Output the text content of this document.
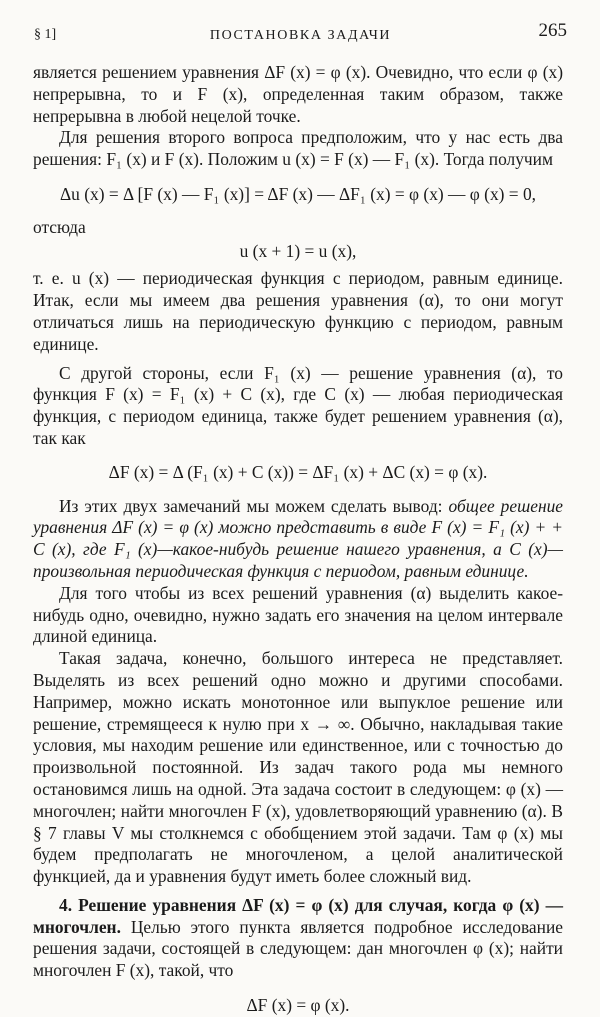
§ 1]	ПОСТАНОВКА ЗАДАЧИ	265

является решением уравнения ΔF (x) = φ (x). Очевидно, что если φ (x) непрерывна, то и F (x), определенная таким образом, также непрерывна в любой нецелой точке.

Для решения второго вопроса предположим, что у нас есть два решения: F₁ (x) и F (x). Положим u (x) = F (x) — F₁ (x). Тогда получим

Δu (x) = Δ [F (x) — F₁ (x)] = ΔF (x) — ΔF₁ (x) = φ (x) — φ (x) = 0,

отсюда

u (x + 1) = u (x),

т. е. u (x) — периодическая функция с периодом, равным единице. Итак, если мы имеем два решения уравнения (α), то они могут отличаться лишь на периодическую функцию с периодом, равным единице.

С другой стороны, если F₁ (x) — решение уравнения (α), то функция F (x) = F₁ (x) + C (x), где C (x) — любая периодическая функция, с периодом единица, также будет решением уравнения (α), так как

ΔF (x) = Δ (F₁ (x) + C (x)) = ΔF₁ (x) + ΔC (x) = φ (x).

Из этих двух замечаний мы можем сделать вывод: общее решение уравнения ΔF (x) = φ (x) можно представить в виде F (x) = F₁ (x) + + C (x), где F₁ (x)—какое-нибудь решение нашего уравнения, а C (x)— произвольная периодическая функция с периодом, равным единице.

Для того чтобы из всех решений уравнения (α) выделить какое-нибудь одно, очевидно, нужно задать его значения на целом интервале длиной единица.

Такая задача, конечно, большого интереса не представляет. Выделять из всех решений одно можно и другими способами. Например, можно искать монотонное или выпуклое решение или решение, стремящееся к нулю при x → ∞. Обычно, накладывая такие условия, мы находим решение или единственное, или с точностью до произвольной постоянной. Из задач такого рода мы немного остановимся лишь на одной. Эта задача состоит в следующем: φ (x) — многочлен; найти многочлен F (x), удовлетворяющий уравнению (α). В § 7 главы V мы столкнемся с обобщением этой задачи. Там φ (x) мы будем предполагать не многочленом, а целой аналитической функцией, да и уравнения будут иметь более сложный вид.

4. Решение уравнения ΔF (x) = φ (x) для случая, когда φ (x) — многочлен. Целью этого пункта является подробное исследование решения задачи, состоящей в следующем: дан многочлен φ (x); найти многочлен F (x), такой, что

ΔF (x) = φ (x).
